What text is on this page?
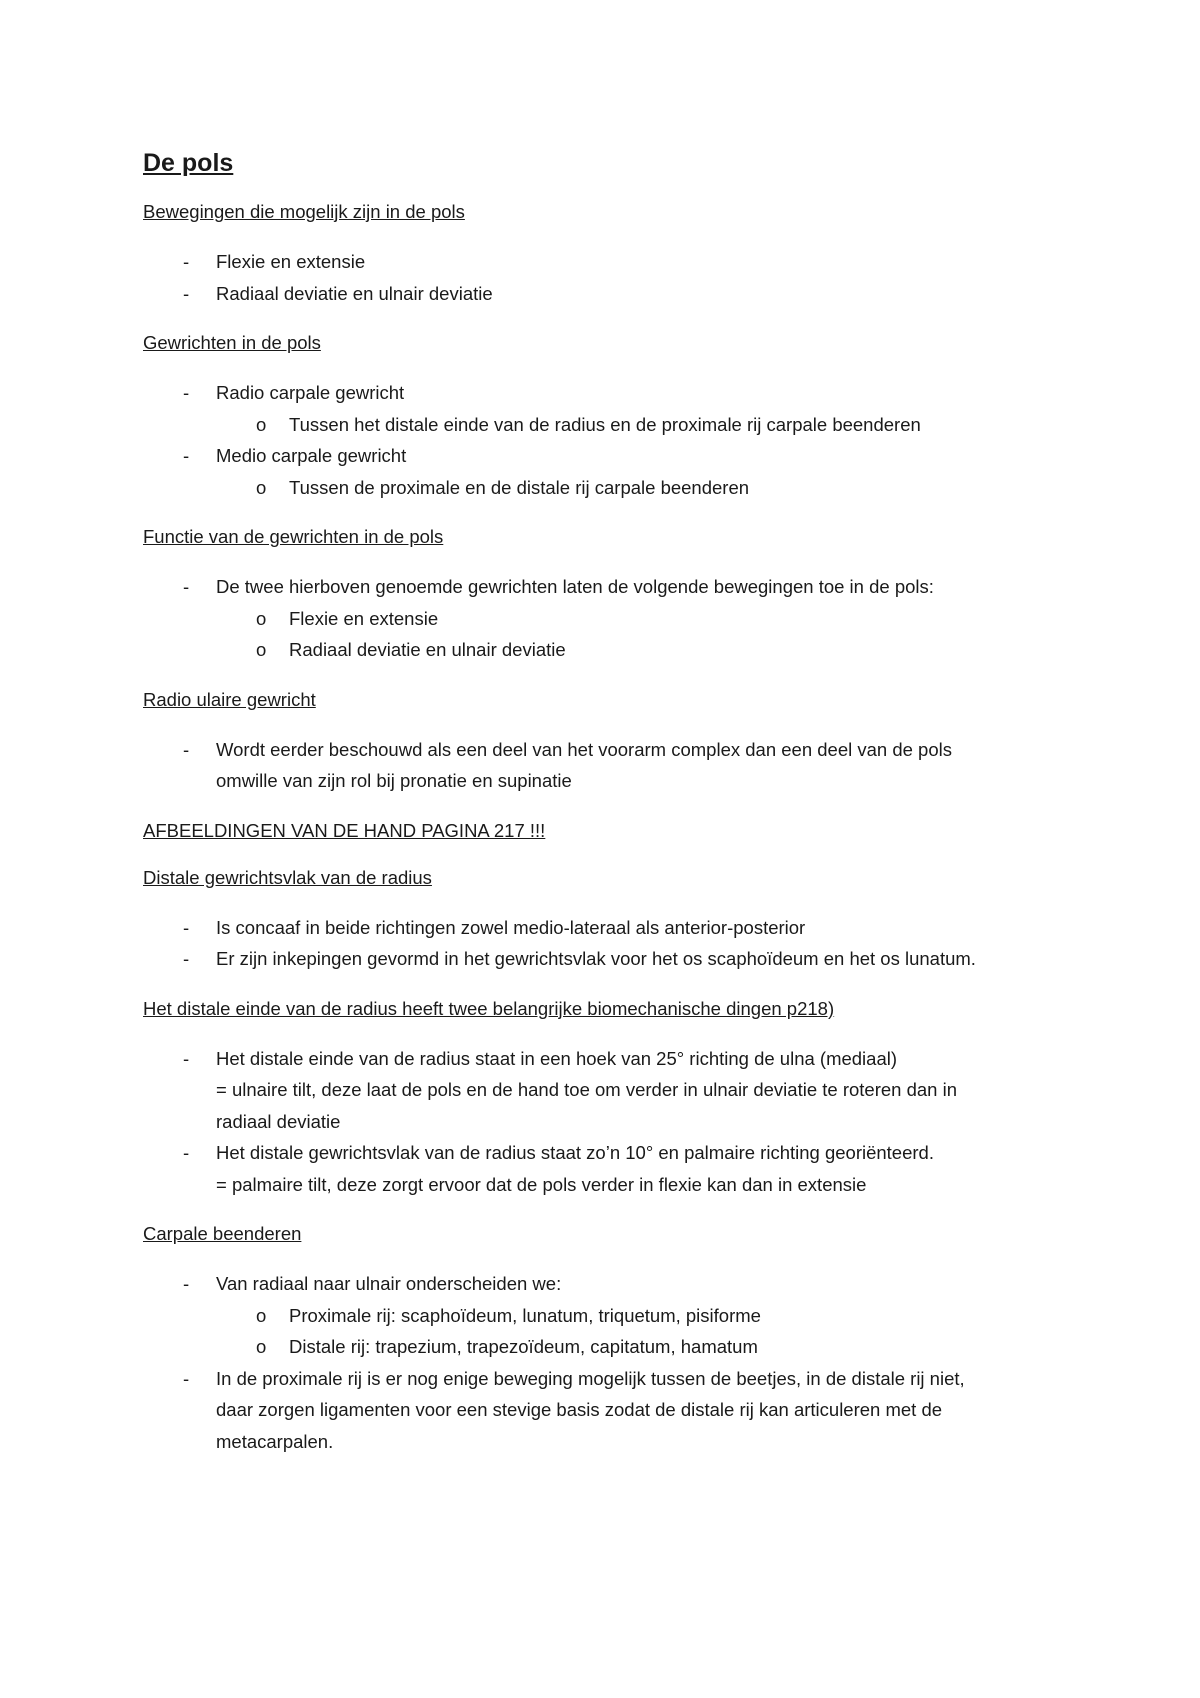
De pols
Bewegingen die mogelijk zijn in de pols
- Flexie en extensie
- Radiaal deviatie en ulnair deviatie
Gewrichten in de pols
- Radio carpale gewricht
o Tussen het distale einde van de radius en de proximale rij carpale beenderen
- Medio carpale gewricht
o Tussen de proximale en de distale rij carpale beenderen
Functie van de gewrichten in de pols
- De twee hierboven genoemde gewrichten laten de volgende bewegingen toe in de pols:
o Flexie en extensie
o Radiaal deviatie en ulnair deviatie
Radio ulaire gewricht
- Wordt eerder beschouwd als een deel van het voorarm complex dan een deel van de pols
omwille van zijn rol bij pronatie en supinatie
AFBEELDINGEN VAN DE HAND PAGINA 217 !!!
Distale gewrichtsvlak van de radius
- Is concaaf in beide richtingen zowel medio-lateraal als anterior-posterior
- Er zijn inkepingen gevormd in het gewrichtsvlak voor het os scaphoïdeum en het os lunatum.
Het distale einde van de radius heeft twee belangrijke biomechanische dingen p218)
- Het distale einde van de radius staat in een hoek van 25° richting de ulna (mediaal)
= ulnaire tilt, deze laat de pols en de hand toe om verder in ulnair deviatie te roteren dan in
radiaal deviatie
- Het distale gewrichtsvlak van de radius staat zo’n 10° en palmaire richting georiënteerd.
= palmaire tilt, deze zorgt ervoor dat de pols verder in flexie kan dan in extensie
Carpale beenderen
- Van radiaal naar ulnair onderscheiden we:
o Proximale rij: scaphoïdeum, lunatum, triquetum, pisiforme
o Distale rij: trapezium, trapezoïdeum, capitatum, hamatum
- In de proximale rij is er nog enige beweging mogelijk tussen de beetjes, in de distale rij niet,
daar zorgen ligamenten voor een stevige basis zodat de distale rij kan articuleren met de
metacarpalen.
